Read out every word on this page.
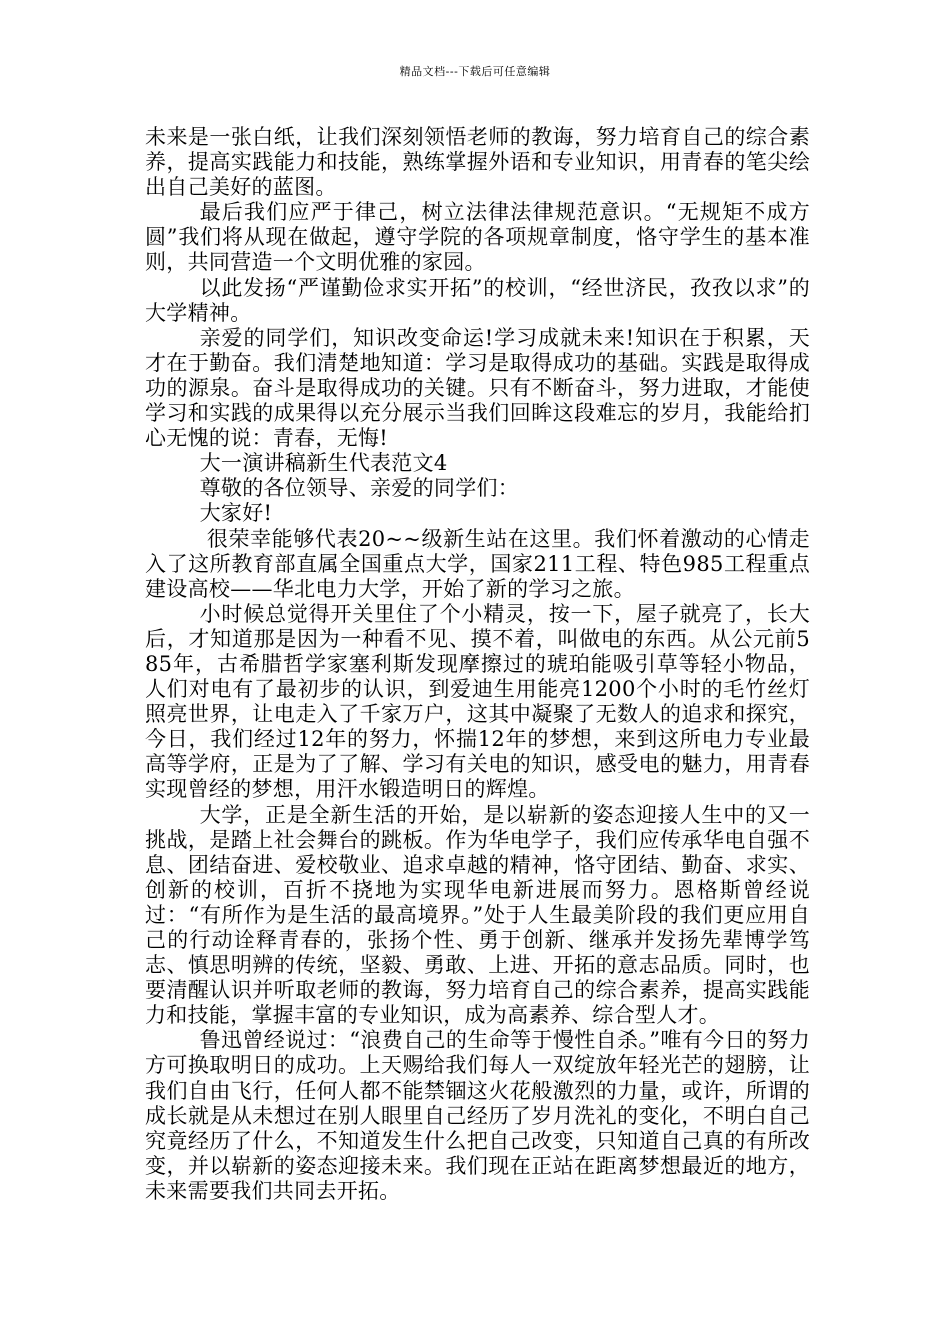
精品文档---下载后可任意编辑

未来是一张白纸，让我们深刻领悟老师的教诲，努力培育自己的综合素养，提高实践能力和技能，熟练掌握外语和专业知识，用青春的笔尖绘出自己美好的蓝图。

最后我们应严于律己，树立法律法律规范意识。“无规矩不成方圆”我们将从现在做起，遵守学院的各项规章制度，恪守学生的基本准则，共同营造一个文明优雅的家园。

以此发扬“严谨勤俭求实开拓”的校训，“经世济民，孜孜以求”的大学精神。

亲爱的同学们，知识改变命运!学习成就未来!知识在于积累，天才在于勤奋。我们清楚地知道：学习是取得成功的基础。实践是取得成功的源泉。奋斗是取得成功的关键。只有不断奋斗，努力进取，才能使学习和实践的成果得以充分展示当我们回眸这段难忘的岁月，我能给扪心无愧的说：青春，无悔!

大一演讲稿新生代表范文4

尊敬的各位领导、亲爱的同学们：

大家好!

很荣幸能够代表20~~级新生站在这里。我们怀着激动的心情走入了这所教育部直属全国重点大学，国家211工程、特色985工程重点建设高校——华北电力大学，开始了新的学习之旅。

小时候总觉得开关里住了个小精灵，按一下，屋子就亮了，长大后，才知道那是因为一种看不见、摸不着，叫做电的东西。从公元前585年，古希腊哲学家塞利斯发现摩擦过的琥珀能吸引草等轻小物品，人们对电有了最初步的认识，到爱迪生用能亮1200个小时的毛竹丝灯照亮世界，让电走入了千家万户，这其中凝聚了无数人的追求和探究，今日，我们经过12年的努力，怀揣12年的梦想，来到这所电力专业最高等学府，正是为了了解、学习有关电的知识，感受电的魅力，用青春实现曾经的梦想，用汗水锻造明日的辉煌。

大学，正是全新生活的开始，是以崭新的姿态迎接人生中的又一挑战，是踏上社会舞台的跳板。作为华电学子，我们应传承华电自强不息、团结奋进、爱校敬业、追求卓越的精神，恪守团结、勤奋、求实、创新的校训，百折不挠地为实现华电新进展而努力。恩格斯曾经说过：“有所作为是生活的最高境界。”处于人生最美阶段的我们更应用自己的行动诠释青春的，张扬个性、勇于创新、继承并发扬先辈博学笃志、慎思明辨的传统，坚毅、勇敢、上进、开拓的意志品质。同时，也要清醒认识并听取老师的教诲，努力培育自己的综合素养，提高实践能力和技能，掌握丰富的专业知识，成为高素养、综合型人才。

鲁迅曾经说过：“浪费自己的生命等于慢性自杀。”唯有今日的努力方可换取明日的成功。上天赐给我们每人一双绽放年轻光芒的翅膀，让我们自由飞行，任何人都不能禁锢这火花般激烈的力量，或许，所谓的成长就是从未想过在别人眼里自己经历了岁月洗礼的变化，不明白自己究竟经历了什么，不知道发生什么把自己改变，只知道自己真的有所改变，并以崭新的姿态迎接未来。我们现在正站在距离梦想最近的地方，未来需要我们共同去开拓。
